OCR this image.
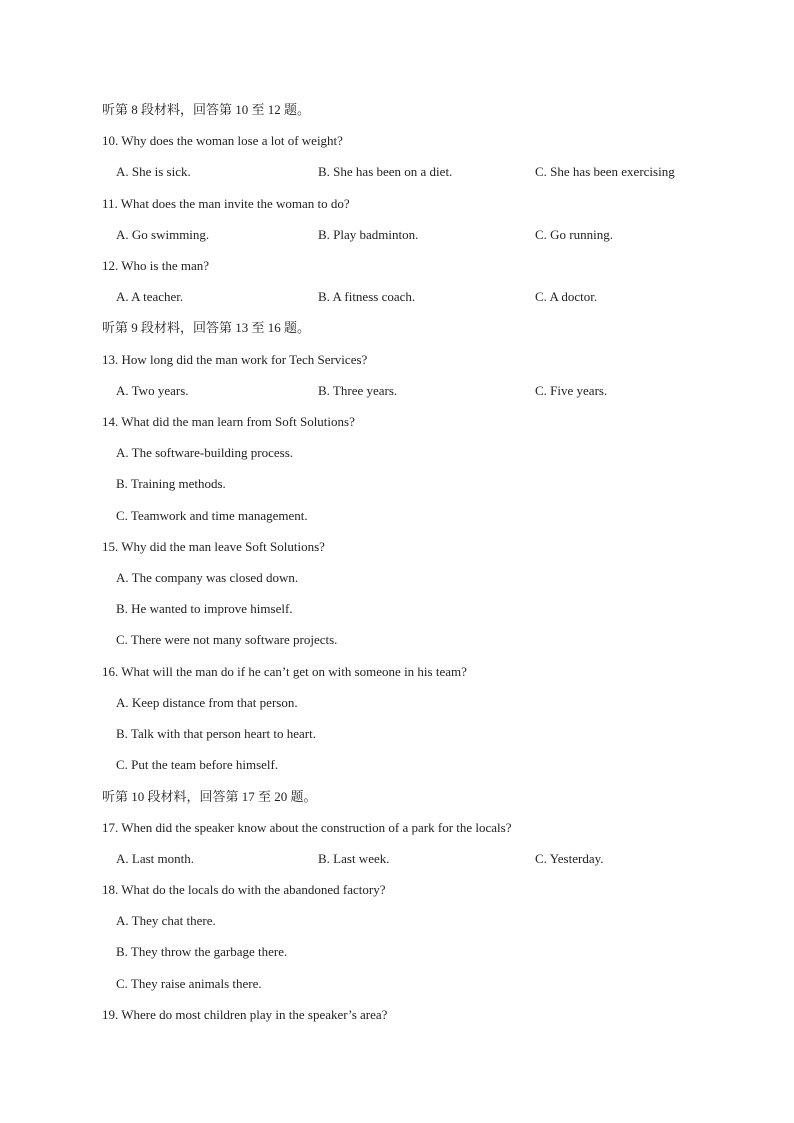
听第 8 段材料，回答第 10 至 12 题。
10. Why does the woman lose a lot of weight?
A. She is sick.	B. She has been on a diet.	C. She has been exercising
11. What does the man invite the woman to do?
A. Go swimming.	B. Play badminton.	C. Go running.
12. Who is the man?
A. A teacher.	B. A fitness coach.	C. A doctor.
听第 9 段材料，回答第 13 至 16 题。
13. How long did the man work for Tech Services?
A. Two years.	B. Three years.	C. Five years.
14. What did the man learn from Soft Solutions?
A. The software-building process.
B. Training methods.
C. Teamwork and time management.
15. Why did the man leave Soft Solutions?
A. The company was closed down.
B. He wanted to improve himself.
C. There were not many software projects.
16. What will the man do if he can’t get on with someone in his team?
A. Keep distance from that person.
B. Talk with that person heart to heart.
C. Put the team before himself.
听第 10 段材料，回答第 17 至 20 题。
17. When did the speaker know about the construction of a park for the locals?
A. Last month.	B. Last week.	C. Yesterday.
18. What do the locals do with the abandoned factory?
A. They chat there.
B. They throw the garbage there.
C. They raise animals there.
19. Where do most children play in the speaker’s area?
